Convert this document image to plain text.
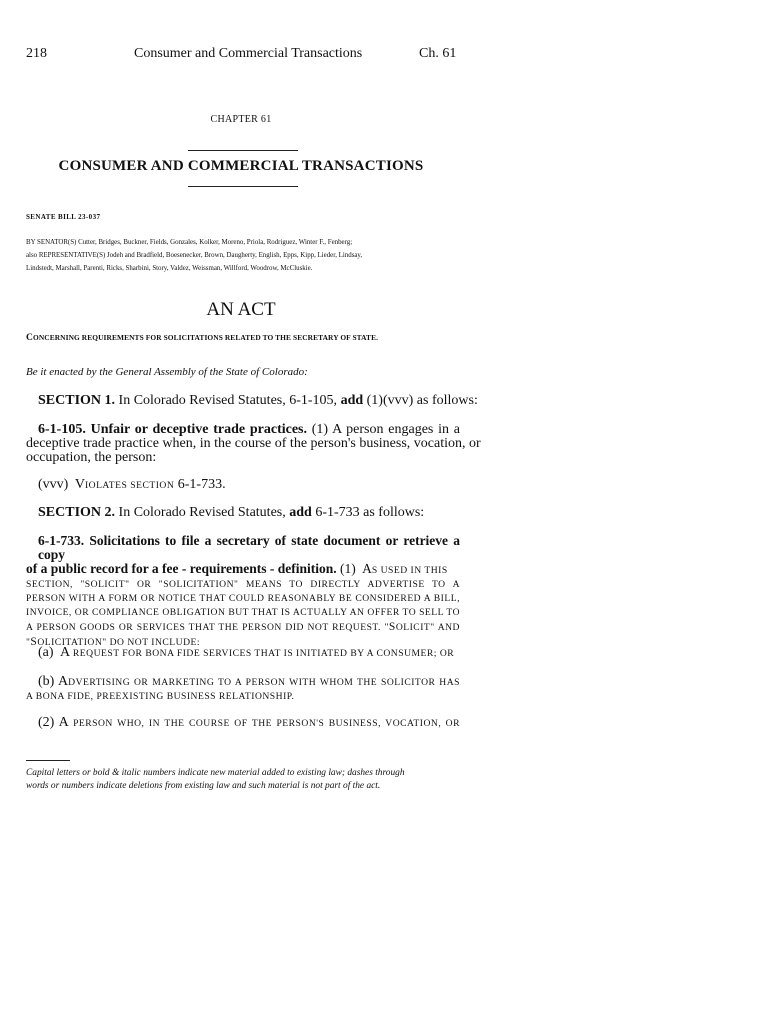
218	Consumer and Commercial Transactions	Ch. 61
CHAPTER 61
CONSUMER AND COMMERCIAL TRANSACTIONS
SENATE BILL 23-037
BY SENATOR(S) Cutter, Bridges, Buckner, Fields, Gonzales, Kolker, Moreno, Priola, Rodriguez, Winter F., Fenberg;
also REPRESENTATIVE(S) Jodeh and Bradfield, Boesenecker, Brown, Daugherty, English, Epps, Kipp, Lieder, Lindsay,
Lindstedt, Marshall, Parenti, Ricks, Sharbini, Story, Valdez, Weissman, Willford, Woodrow, McCluskie.
AN ACT
CONCERNING REQUIREMENTS FOR SOLICITATIONS RELATED TO THE SECRETARY OF STATE.
Be it enacted by the General Assembly of the State of Colorado:
SECTION 1. In Colorado Revised Statutes, 6-1-105, add (1)(vvv) as follows:
6-1-105. Unfair or deceptive trade practices. (1) A person engages in a
deceptive trade practice when, in the course of the person's business, vocation, or
occupation, the person:
(vvv) VIOLATES SECTION 6-1-733.
SECTION 2. In Colorado Revised Statutes, add 6-1-733 as follows:
6-1-733. Solicitations to file a secretary of state document or retrieve a copy
of a public record for a fee - requirements - definition. (1) AS USED IN THIS
SECTION, "SOLICIT" OR "SOLICITATION" MEANS TO DIRECTLY ADVERTISE TO A
PERSON WITH A FORM OR NOTICE THAT COULD REASONABLY BE CONSIDERED A BILL,
INVOICE, OR COMPLIANCE OBLIGATION BUT THAT IS ACTUALLY AN OFFER TO SELL TO
A PERSON GOODS OR SERVICES THAT THE PERSON DID NOT REQUEST. "SOLICIT" AND
"SOLICITATION" DO NOT INCLUDE:
(a) A REQUEST FOR BONA FIDE SERVICES THAT IS INITIATED BY A CONSUMER; OR
(b) ADVERTISING OR MARKETING TO A PERSON WITH WHOM THE SOLICITOR HAS
A BONA FIDE, PREEXISTING BUSINESS RELATIONSHIP.
(2) A PERSON WHO, IN THE COURSE OF THE PERSON'S BUSINESS, VOCATION, OR
Capital letters or bold & italic numbers indicate new material added to existing law; dashes through
words or numbers indicate deletions from existing law and such material is not part of the act.
